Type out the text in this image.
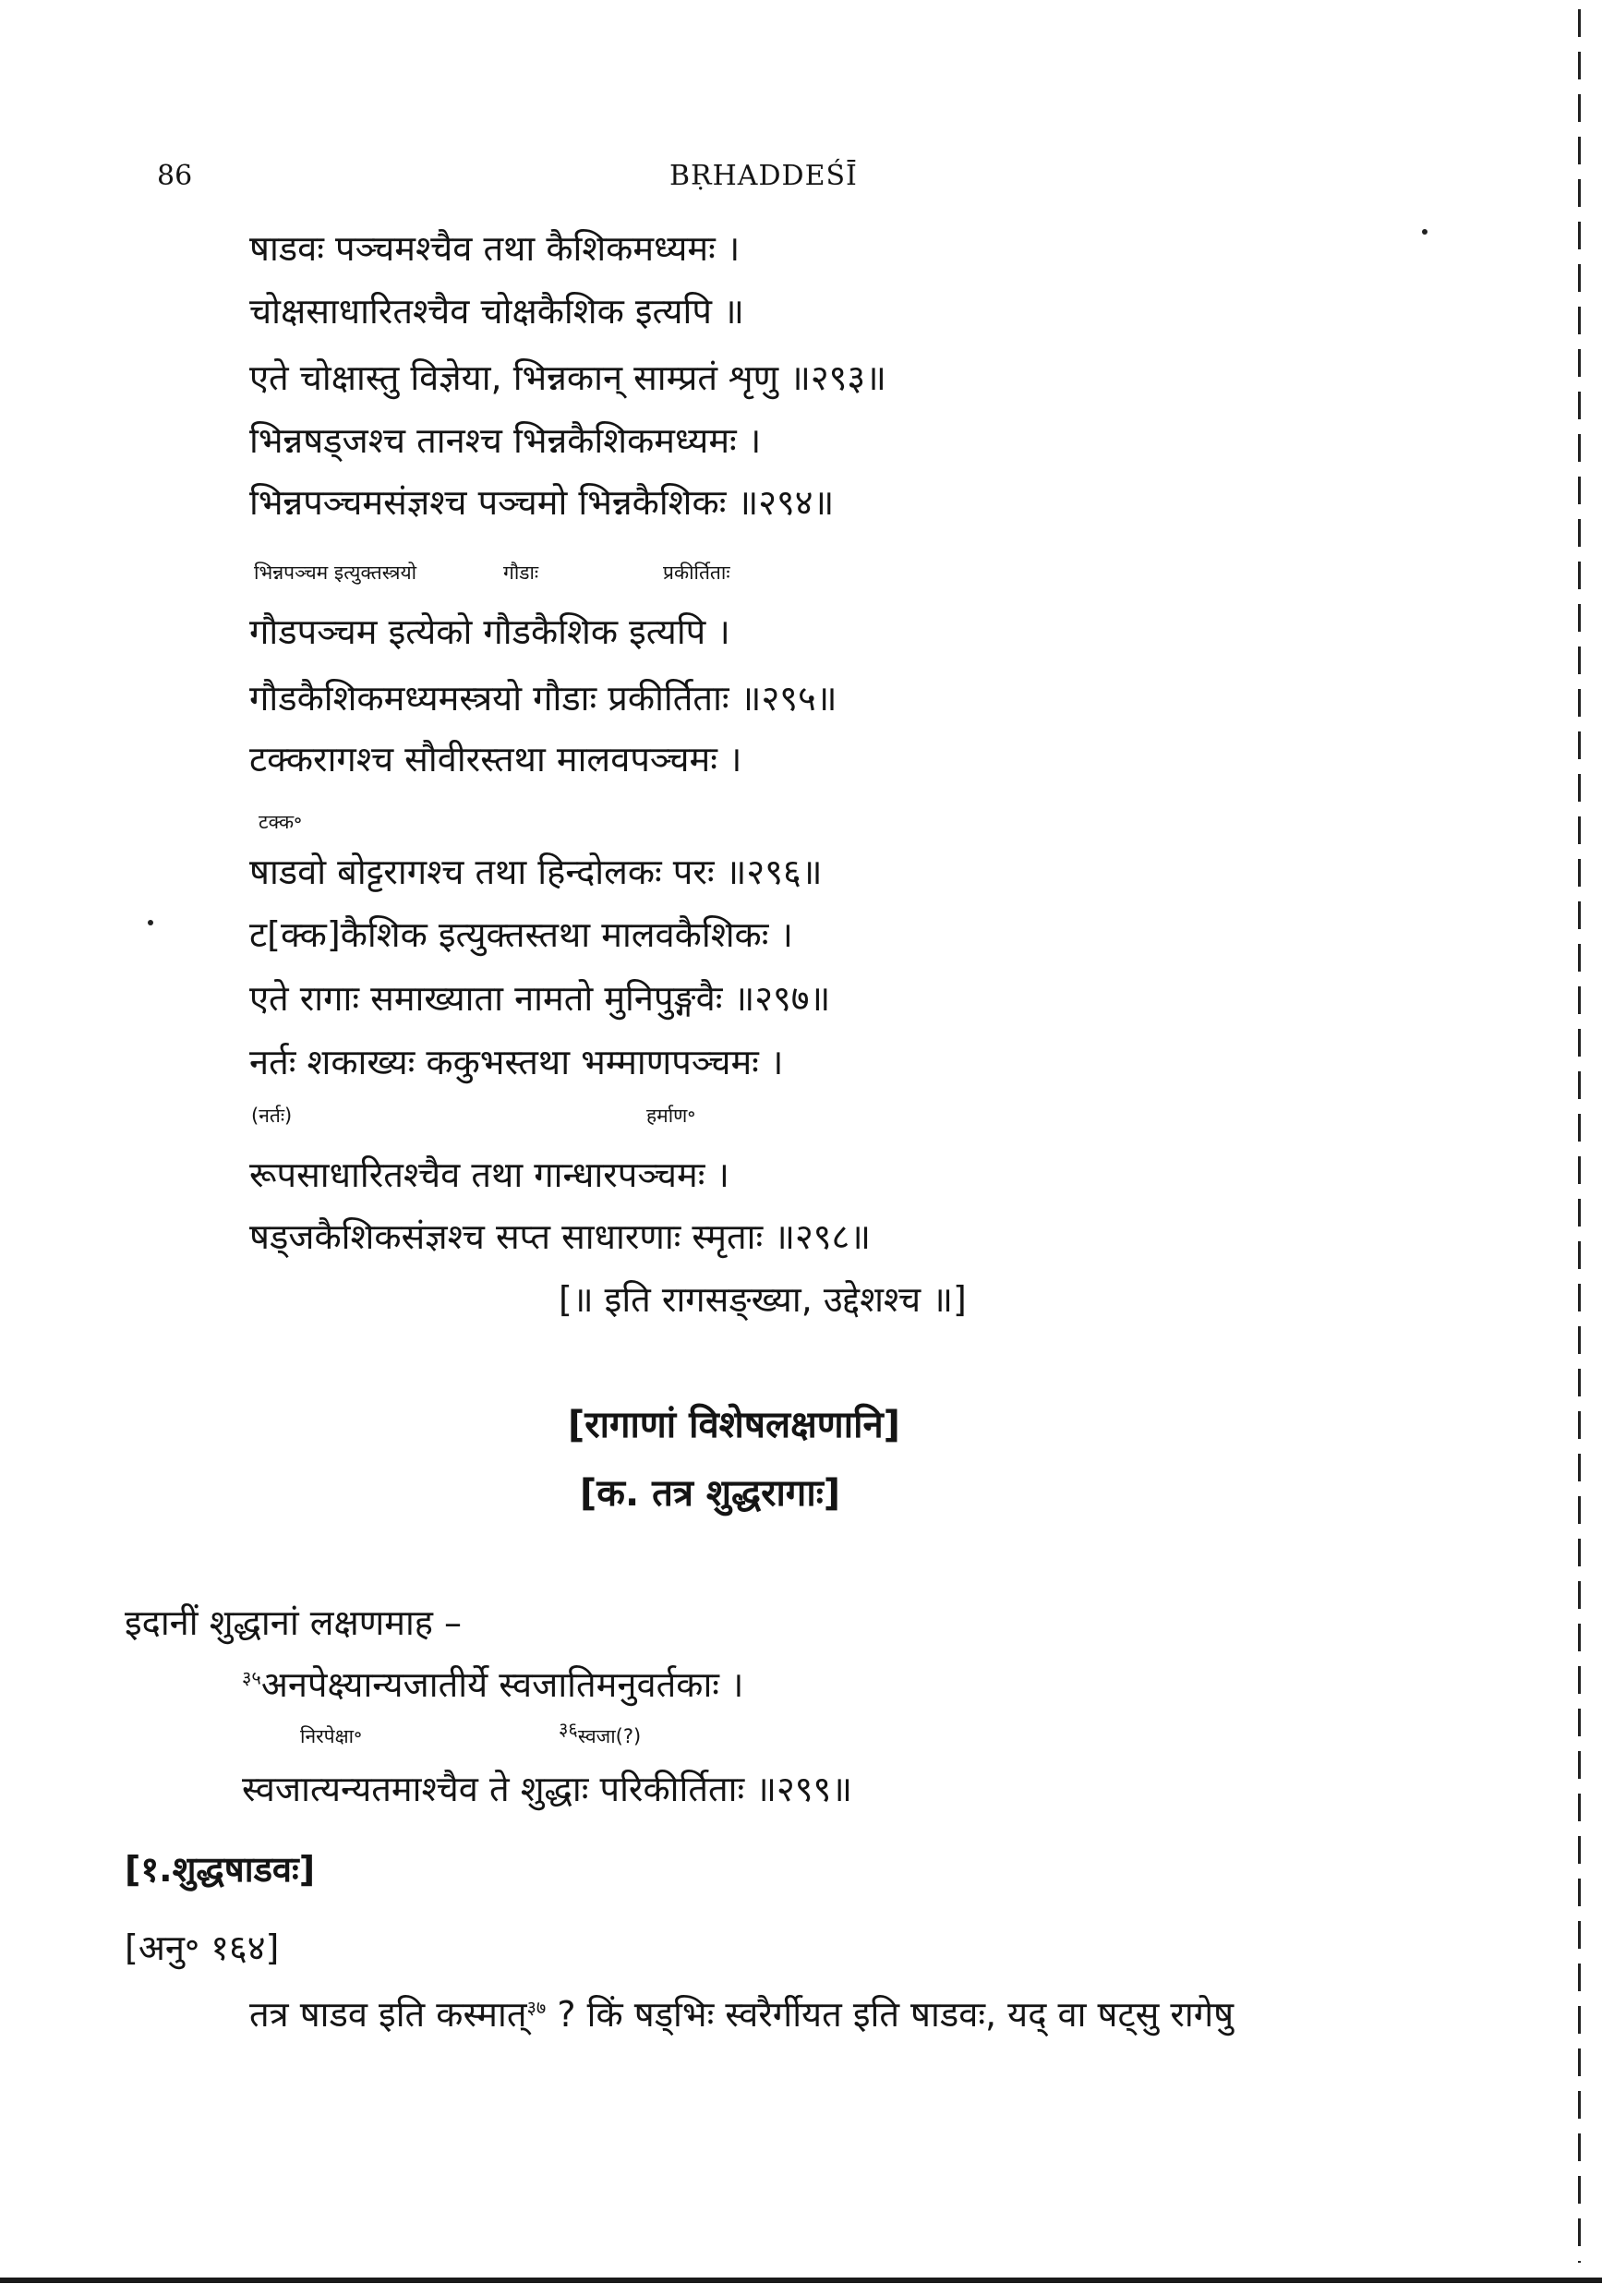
86	BṚHADDEŚĪ
षाडवः पञ्चमश्चैव तथा कैशिकमध्यमः ।
चोक्षसाधारितश्चैव चोक्षकैशिक इत्यपि ॥
एते चोक्षास्तु विज्ञेया, भिन्नकान् साम्प्रतं शृणु ॥२९३॥
भिन्नषड्जश्च तानश्च भिन्नकैशिकमध्यमः ।
भिन्नपञ्चमसंज्ञश्च पञ्चमो भिन्नकैशिकः ॥२९४॥
भिन्नपञ्चम इत्युक्तस्त्रयो	गौडाः	प्रकीर्तिताः
गौडपञ्चम इत्येको गौडकैशिक इत्यपि ।
गौडकैशिकमध्यमस्त्रयो गौडाः प्रकीर्तिताः ॥२९५॥
टक्करागश्च सौवीरस्तथा मालवपञ्चमः ।
टक्क॰
षाडवो बोट्टरागश्च तथा हिन्दोलकः परः ॥२९६॥
ट[क्क]कैशिक इत्युक्तस्तथा मालवकैशिकः ।
एते रागाः समाख्याता नामतो मुनिपुङ्गवैः ॥२९७॥
नर्तः शकाख्यः ककुभस्तथा भम्माणपञ्चमः ।
(नर्तः)	हर्माण॰
रूपसाधारितश्चैव तथा गान्धारपञ्चमः ।
षड्जकैशिकसंज्ञश्च सप्त साधारणाः स्मृताः ॥२९८॥
[॥ इति रागसङ्ख्या, उद्देशश्च ॥]
[रागाणां विशेषलक्षणानि]
[क. तत्र शुद्धरागाः]
इदानीं शुद्धानां लक्षणमाह –
$^{३५}$अनपेक्ष्यान्यजातीर्ये स्वजातिमनुवर्तकाः ।
निरपेक्षा॰	$^{३६}$स्वजा(?)
स्वजात्यन्यतमाश्चैव ते शुद्धाः परिकीर्तिताः ॥२९९॥
[१.शुद्धषाडवः]
[अनु॰ १६४]
तत्र षाडव इति कस्मात्$^{३७}$ ? किं षड्भिः स्वरैर्गीयत इति षाडवः, यद् वा षट्सु रागेषु
